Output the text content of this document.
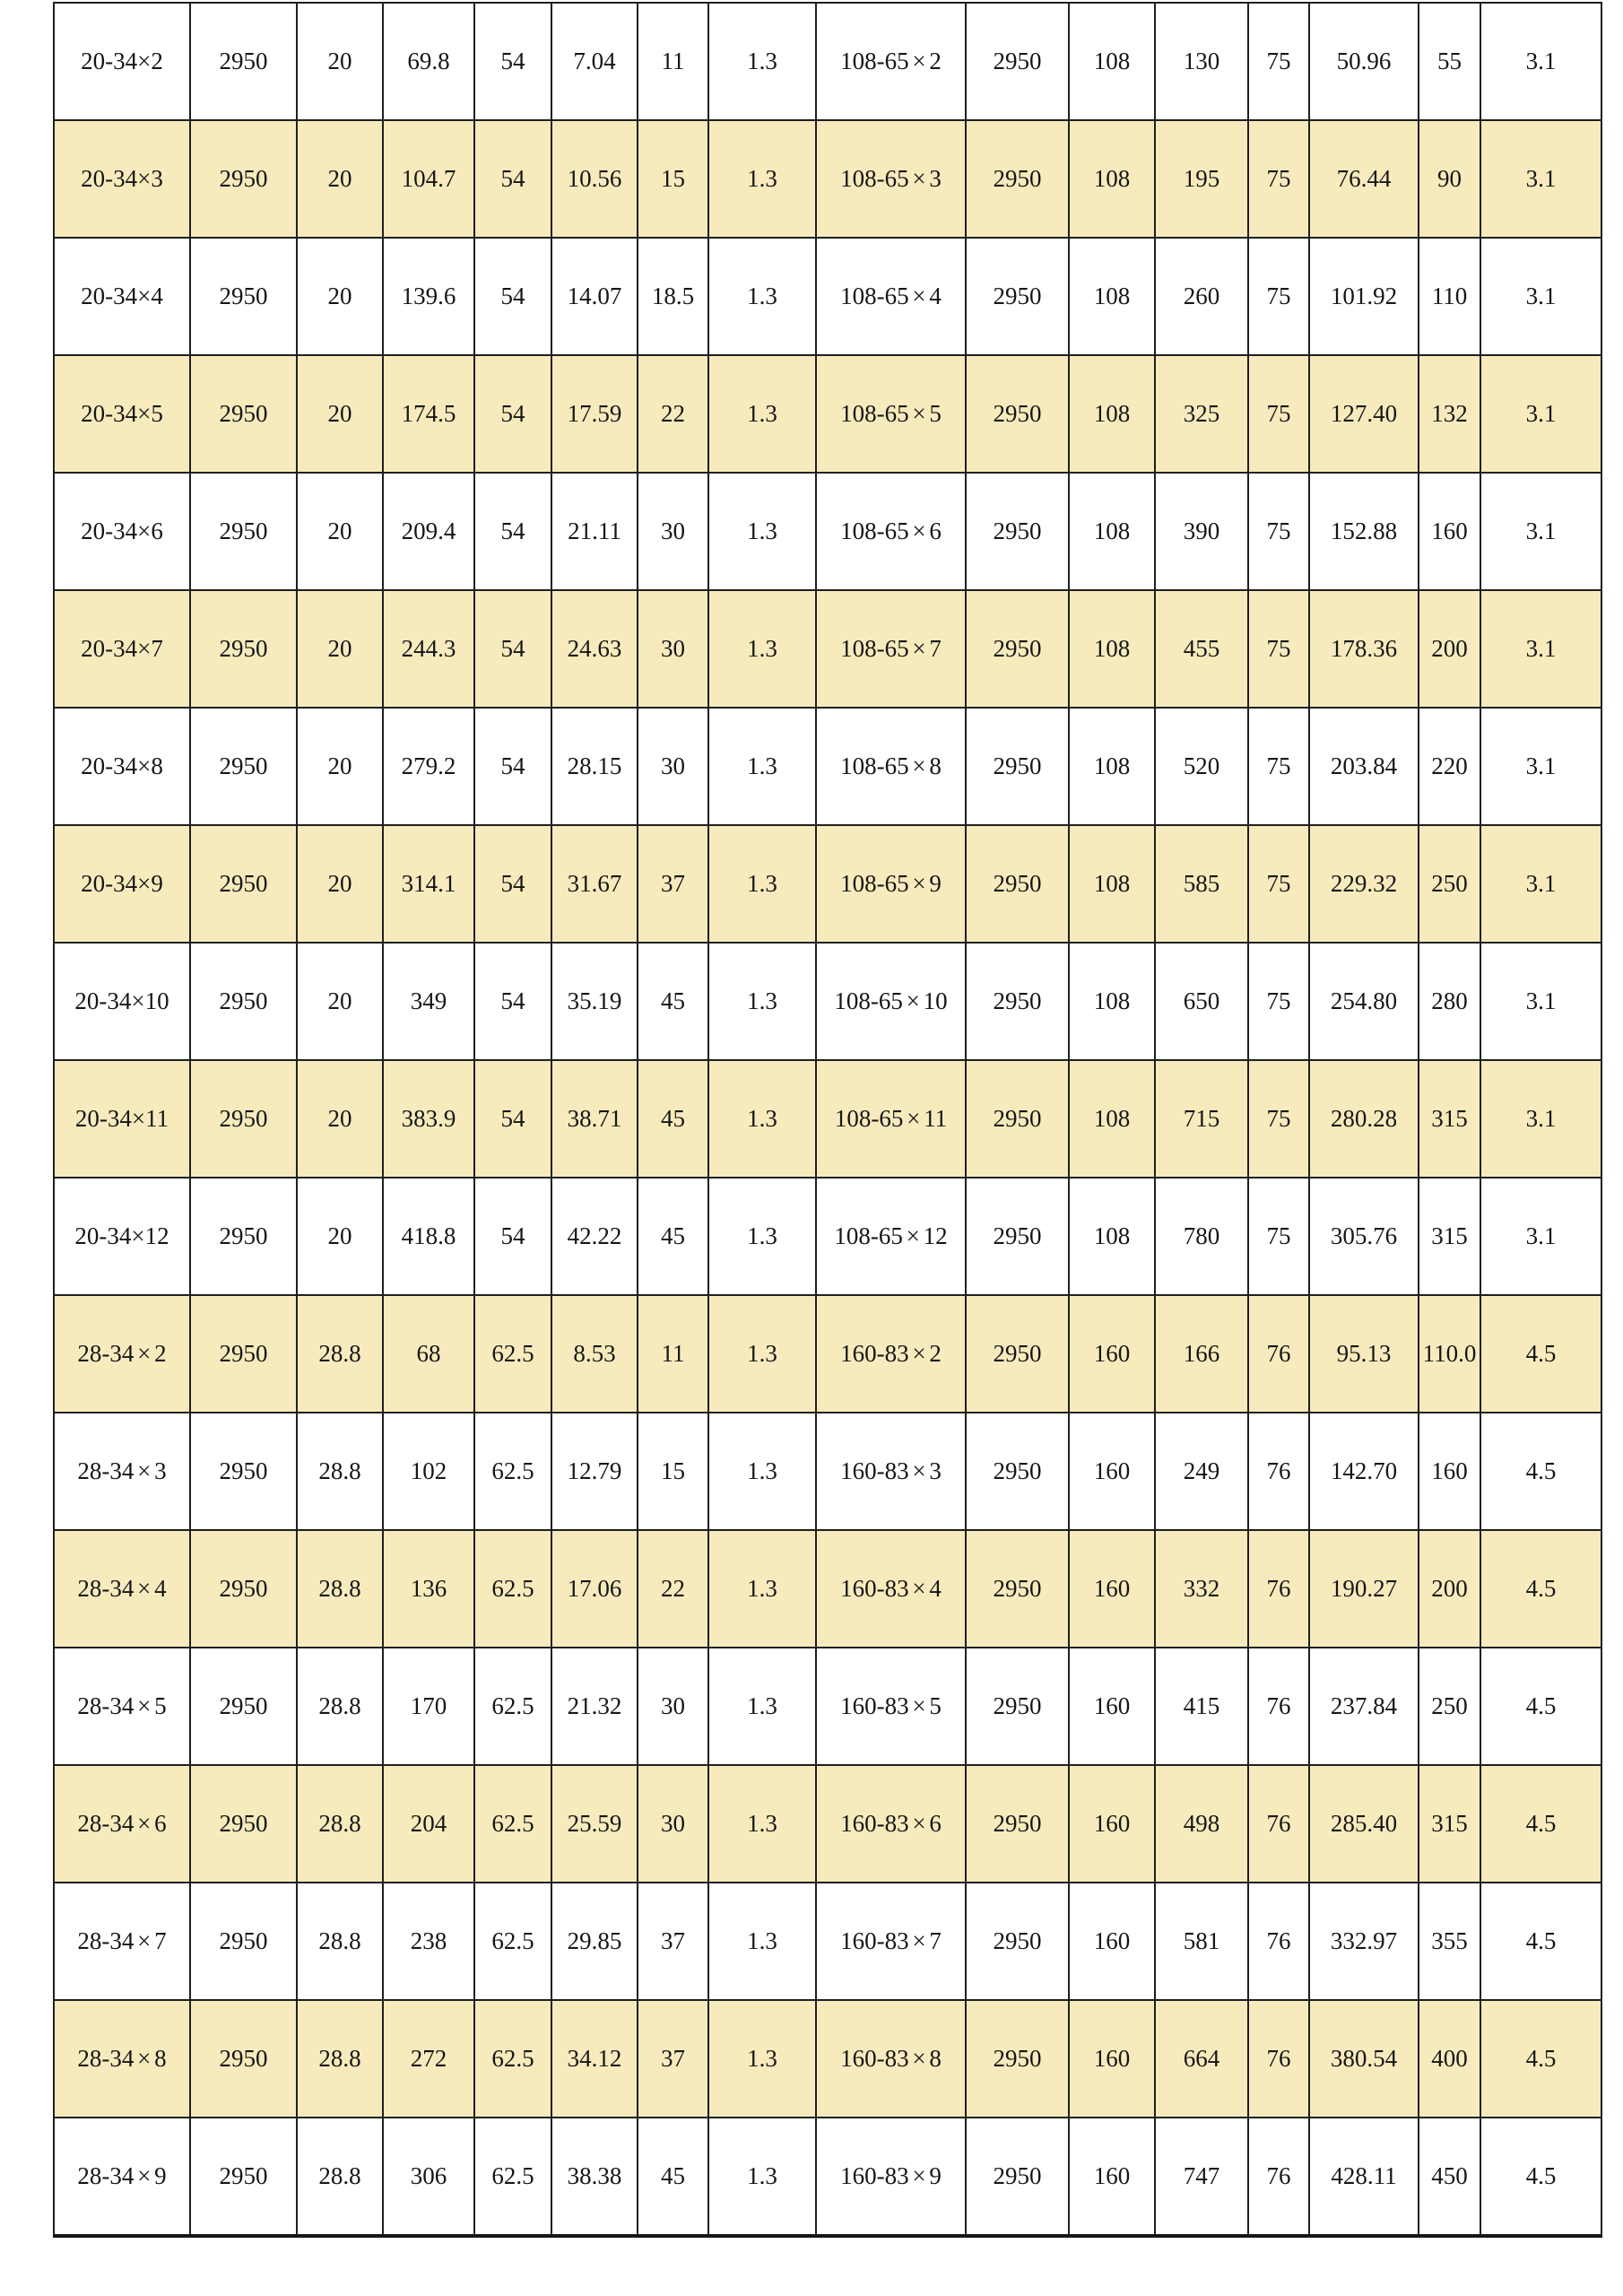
20-34×2	2950	20	69.8	54	7.04	11	1.3	108-65 × 2	2950	108	130	75	50.96	55	3.1
20-34×3	2950	20	104.7	54	10.56	15	1.3	108-65 × 3	2950	108	195	75	76.44	90	3.1
20-34×4	2950	20	139.6	54	14.07	18.5	1.3	108-65 × 4	2950	108	260	75	101.92	110	3.1
20-34×5	2950	20	174.5	54	17.59	22	1.3	108-65 × 5	2950	108	325	75	127.40	132	3.1
20-34×6	2950	20	209.4	54	21.11	30	1.3	108-65 × 6	2950	108	390	75	152.88	160	3.1
20-34×7	2950	20	244.3	54	24.63	30	1.3	108-65 × 7	2950	108	455	75	178.36	200	3.1
20-34×8	2950	20	279.2	54	28.15	30	1.3	108-65 × 8	2950	108	520	75	203.84	220	3.1
20-34×9	2950	20	314.1	54	31.67	37	1.3	108-65 × 9	2950	108	585	75	229.32	250	3.1
20-34×10	2950	20	349	54	35.19	45	1.3	108-65 × 10	2950	108	650	75	254.80	280	3.1
20-34×11	2950	20	383.9	54	38.71	45	1.3	108-65 × 11	2950	108	715	75	280.28	315	3.1
20-34×12	2950	20	418.8	54	42.22	45	1.3	108-65 × 12	2950	108	780	75	305.76	315	3.1
28-34 × 2	2950	28.8	68	62.5	8.53	11	1.3	160-83 × 2	2950	160	166	76	95.13	110.0	4.5
28-34 × 3	2950	28.8	102	62.5	12.79	15	1.3	160-83 × 3	2950	160	249	76	142.70	160	4.5
28-34 × 4	2950	28.8	136	62.5	17.06	22	1.3	160-83 × 4	2950	160	332	76	190.27	200	4.5
28-34 × 5	2950	28.8	170	62.5	21.32	30	1.3	160-83 × 5	2950	160	415	76	237.84	250	4.5
28-34 × 6	2950	28.8	204	62.5	25.59	30	1.3	160-83 × 6	2950	160	498	76	285.40	315	4.5
28-34 × 7	2950	28.8	238	62.5	29.85	37	1.3	160-83 × 7	2950	160	581	76	332.97	355	4.5
28-34 × 8	2950	28.8	272	62.5	34.12	37	1.3	160-83 × 8	2950	160	664	76	380.54	400	4.5
28-34 × 9	2950	28.8	306	62.5	38.38	45	1.3	160-83 × 9	2950	160	747	76	428.11	450	4.5
